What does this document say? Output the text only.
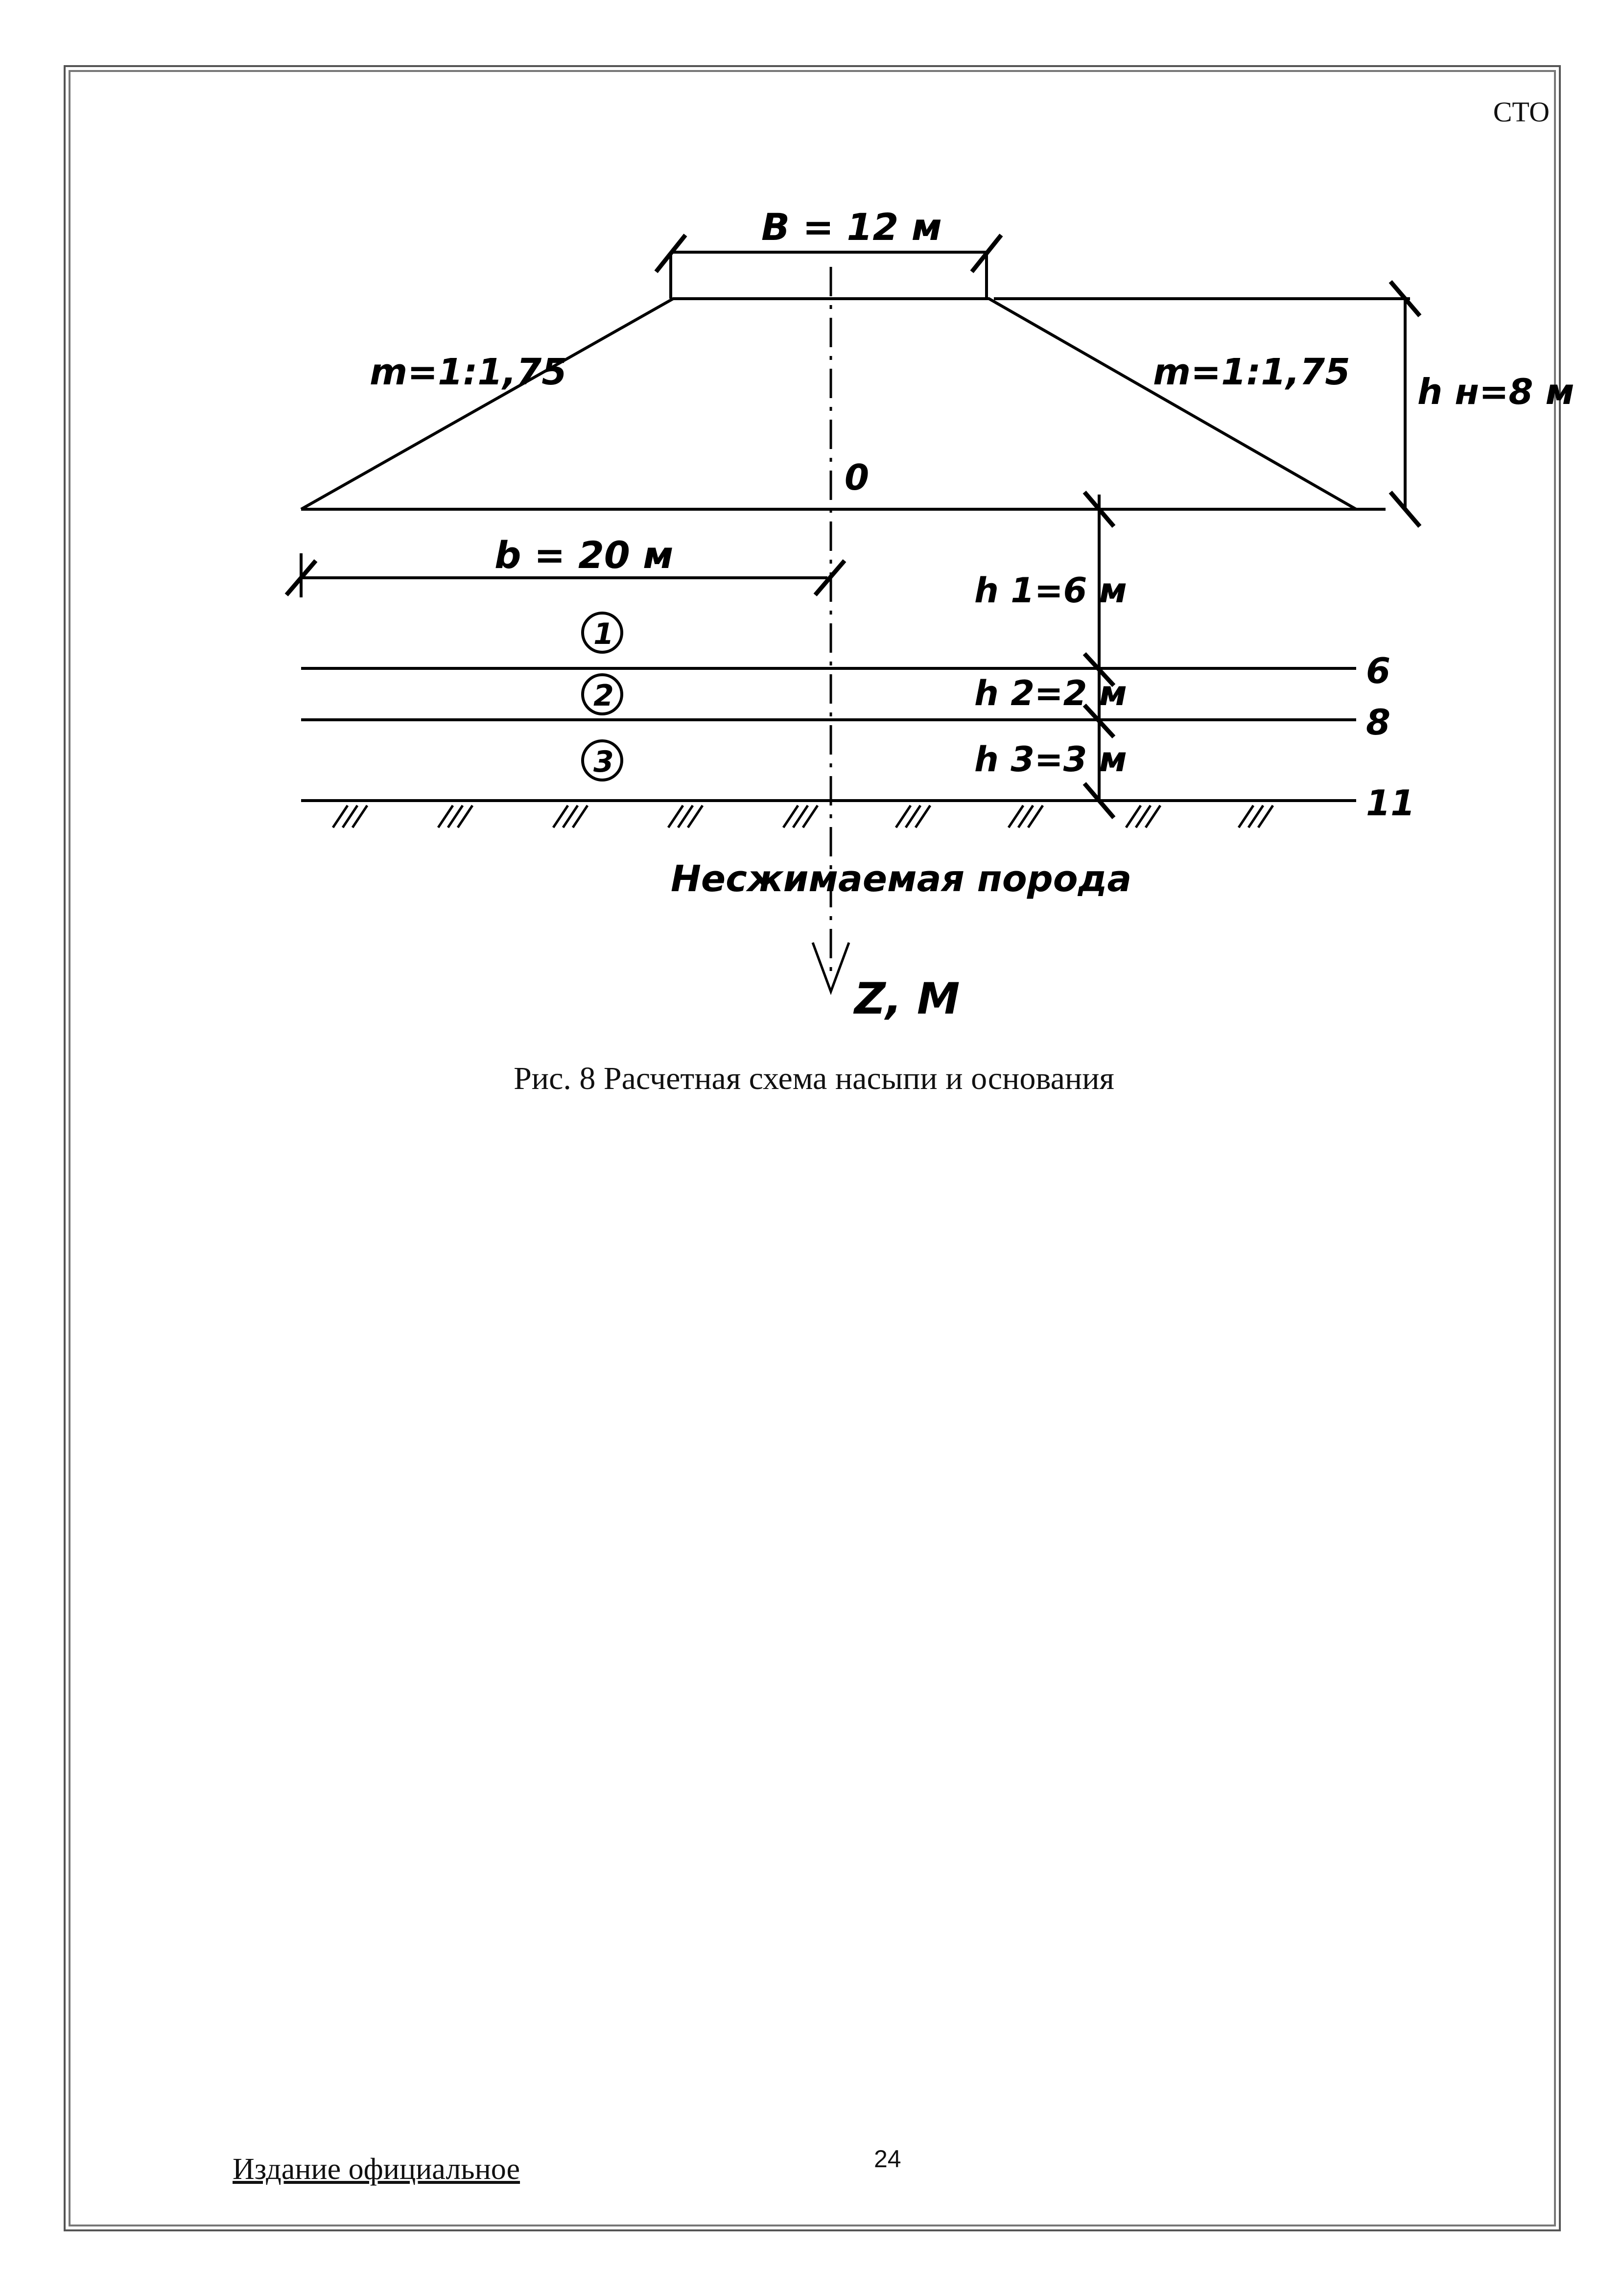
СТО
B = 12 м
m=1:1,75	m=1:1,75 h н=8 м
0
b = 20 м
h 1=6 м
h 2=2 м
h 3=3 м
1
2
3
6
8
11
Несжимаемая порода
Z, М
Рис. 8 Расчетная схема насыпи и основания
Издание официальное	24
